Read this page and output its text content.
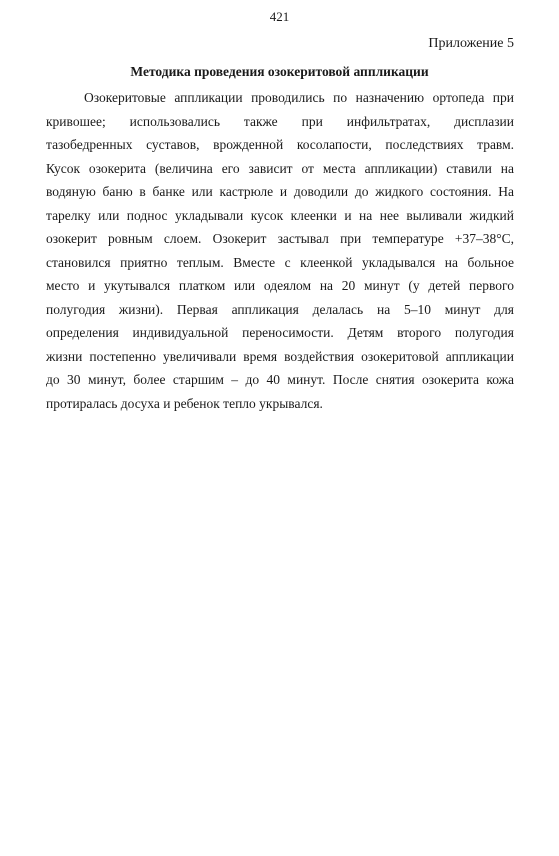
421
Приложение 5
Методика проведения озокеритовой аппликации
Озокеритовые аппликации проводились по назначению ортопеда при
кривошее; использовались также при инфильтратах, дисплазии
тазобедренных суставов, врожденной косолапости, последствиях травм.
Кусок озокерита (величина его зависит от места аппликации) ставили на
водяную баню в банке или кастрюле и доводили до жидкого состояния. На
тарелку или поднос укладывали кусок клеенки и на нее выливали жидкий
озокерит ровным слоем. Озокерит застывал при температуре +37–38°С,
становился приятно теплым. Вместе с клеенкой укладывался на больное
место и укутывался платком или одеялом на 20 минут (у детей первого
полугодия жизни). Первая аппликация делалась на 5–10 минут для
определения индивидуальной переносимости. Детям второго полугодия
жизни постепенно увеличивали время воздействия озокеритовой аппликации
до 30 минут, более старшим – до 40 минут. После снятия озокерита кожа
протиралась досуха и ребенок тепло укрывался.
